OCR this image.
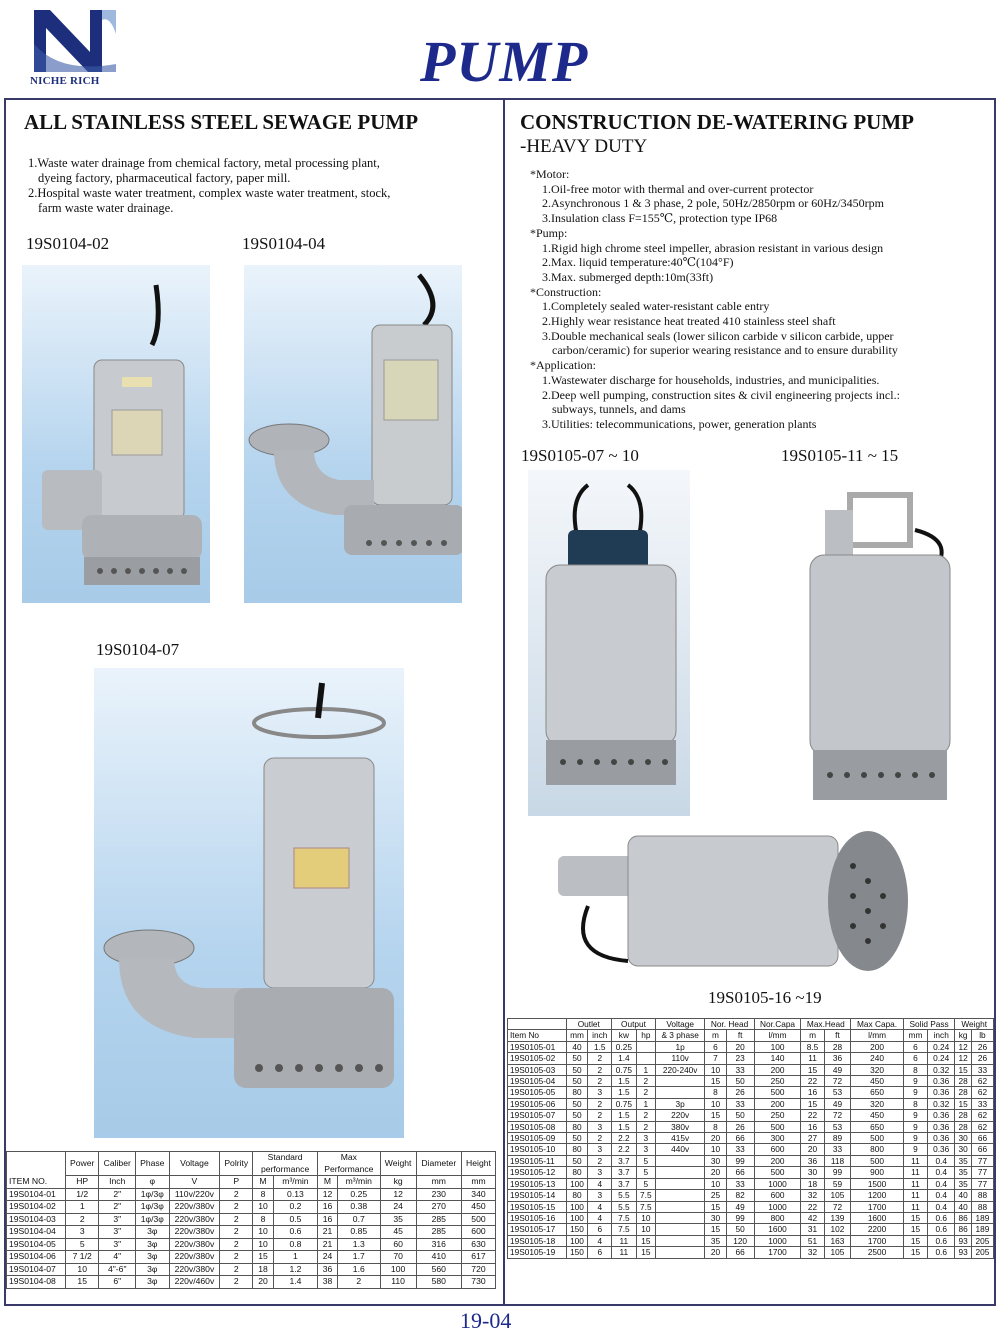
NICHE RICH	PUMP
ALL STAINLESS STEEL SEWAGE PUMP

1.Waste water drainage from chemical factory, metal processing plant,

dyeing factory, pharmaceutical factory, paper mill.

2.Hospital waste water treatment, complex waste water treatment, stock,

farm waste water drainage.

19S0104-02	19S0104-04
19S0104-07
ITEM NO.	Power	Caliber	Phase	Voltage	Polrity	Standard performance		Max Performance		Weight	Diameter	Height
	HP	Inch	φ	V	P	M	m³/min	M	m³/min	kg	mm	mm
19S0104-01	1/2	2"	1φ/3φ	110v/220v	2	8	0.13	12	0.25	12	230	340
19S0104-02	1	2"	1φ/3φ	220v/380v	2	10	0.2	16	0.38	24	270	450
19S0104-03	2	3"	1φ/3φ	220v/380v	2	8	0.5	16	0.7	35	285	500
19S0104-04	3	3"	3φ	220v/380v	2	10	0.6	21	0.85	45	285	600
19S0104-05	5	3"	3φ	220v/380v	2	10	0.8	21	1.3	60	316	630
19S0104-06	7 1/2	4"	3φ	220v/380v	2	15	1	24	1.7	70	410	617
19S0104-07	10	4"-6"	3φ	220v/380v	2	18	1.2	36	1.6	100	560	720
19S0104-08	15	6"	3φ	220v/460v	2	20	1.4	38	2	110	580	730
CONSTRUCTION DE-WATERING PUMP
-HEAVY DUTY

*Motor:

1.Oil-free motor with thermal and over-current protector

2.Asynchronous 1 & 3 phase, 2 pole, 50Hz/2850rpm or 60Hz/3450rpm

3.Insulation class F=155℃, protection type IP68

*Pump:

1.Rigid high chrome steel impeller, abrasion resistant in various design

2.Max. liquid temperature:40℃(104°F)

3.Max. submerged depth:10m(33ft)

*Construction:

1.Completely sealed water-resistant cable entry

2.Highly wear resistance heat treated 410 stainless steel shaft

3.Double mechanical seals (lower silicon carbide v silicon carbide, upper

carbon/ceramic) for superior wearing resistance and to ensure durability

*Application:

1.Wastewater discharge for households, industries, and municipalities.

2.Deep well pumping, construction sites & civil engineering projects incl.:

subways, tunnels, and dams

3.Utilities: telecommunications, power, generation plants

19S0105-07 ~ 10	19S0105-11 ~ 15
19S0105-16 ~19
	Outlet		Output		Voltage	Nor. Head		Nor.Capa	Max.Head		Max Capa.	Solid Pass		Weight	
Item No	mm	inch	kw	hp	& 3 phase	m	ft	l/mm	m	ft	l/mm	mm	inch	kg	lb
19S0105-01	40	1.5	0.25		1p	6	20	100	8.5	28	200	6	0.24	12	26
19S0105-02	50	2	1.4		110v	7	23	140	11	36	240	6	0.24	12	26
19S0105-03	50	2	0.75	1	220-240v	10	33	200	15	49	320	8	0.32	15	33
19S0105-04	50	2	1.5	2		15	50	250	22	72	450	9	0.36	28	62
19S0105-05	80	3	1.5	2		8	26	500	16	53	650	9	0.36	28	62
19S0105-06	50	2	0.75	1	3p	10	33	200	15	49	320	8	0.32	15	33
19S0105-07	50	2	1.5	2	220v	15	50	250	22	72	450	9	0.36	28	62
19S0105-08	80	3	1.5	2	380v	8	26	500	16	53	650	9	0.36	28	62
19S0105-09	50	2	2.2	3	415v	20	66	300	27	89	500	9	0.36	30	66
19S0105-10	80	3	2.2	3	440v	10	33	600	20	33	800	9	0.36	30	66
19S0105-11	50	2	3.7	5		30	99	200	36	118	500	11	0.4	35	77
19S0105-12	80	3	3.7	5		20	66	500	30	99	900	11	0.4	35	77
19S0105-13	100	4	3.7	5		10	33	1000	18	59	1500	11	0.4	35	77
19S0105-14	80	3	5.5	7.5		25	82	600	32	105	1200	11	0.4	40	88
19S0105-15	100	4	5.5	7.5		15	49	1000	22	72	1700	11	0.4	40	88
19S0105-16	100	4	7.5	10		30	99	800	42	139	1600	15	0.6	86	189
19S0105-17	150	6	7.5	10		15	50	1600	31	102	2200	15	0.6	86	189
19S0105-18	100	4	11	15		35	120	1000	51	163	1700	15	0.6	93	205
19S0105-19	150	6	11	15		20	66	1700	32	105	2500	15	0.6	93	205
19-04
